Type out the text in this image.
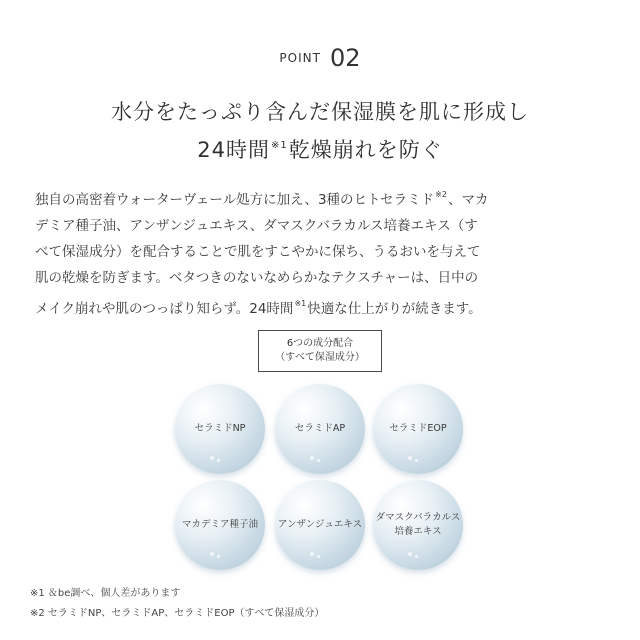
POINT 02
水分をたっぷり含んだ保湿膜を肌に形成し
24時間$^{※1}$乾燥崩れを防ぐ
独自の高密着ウォーターヴェール処方に加え、3種のヒトセラミド$^{※2}$、マカ
デミア種子油、アンザンジュエキス、ダマスクバラカルス培養エキス（す
べて保湿成分）を配合することで肌をすこやかに保ち、うるおいを与えて
肌の乾燥を防ぎます。ベタつきのないなめらかなテクスチャーは、日中の
メイク崩れや肌のつっぱり知らず。24時間$^{※1}$快適な仕上がりが続きます。
6つの成分配合
（すべて保湿成分）
セラミドNP	セラミドAP	セラミドEOP
マカデミア種子油 アンザンジュエキス
ダマスクバラカルス
培養エキス
※1 ＆be調べ、個人差があります
※2 セラミドNP、セラミドAP、セラミドEOP（すべて保湿成分）
